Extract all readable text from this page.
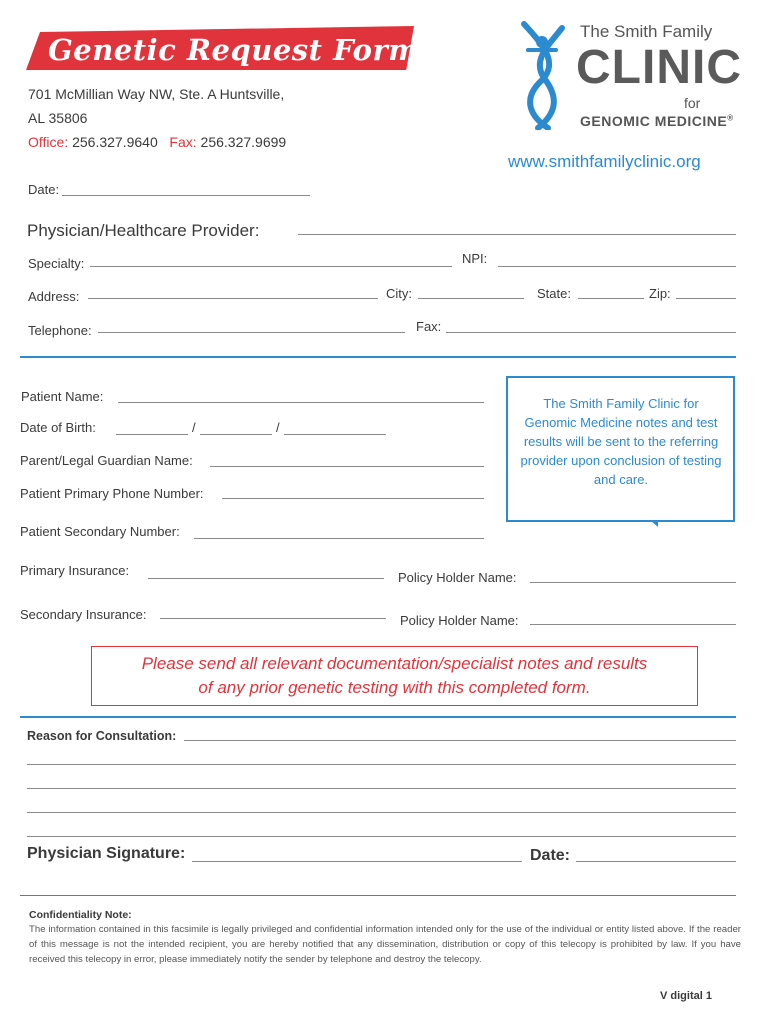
Genetic Request Form
701 McMillian Way NW, Ste. A Huntsville,
AL 35806
Office: 256.327.9640 Fax: 256.327.9699
The Smith Family
CLINIC
for
GENOMIC MEDICINE®
www.smithfamilyclinic.org
Date:
Physician/Healthcare Provider:
Specialty:	NPI:
Address:	City:	State:	Zip:
Telephone:	Fax:
Patient Name:
Date of Birth:	/	/
Parent/Legal Guardian Name:
Patient Primary Phone Number:
The Smith Family Clinic for Genomic Medicine notes and test results will be sent to the referring provider upon conclusion of testing and care.
Patient Secondary Number:
Primary Insurance:	Policy Holder Name:
Secondary Insurance:	Policy Holder Name:
Please send all relevant documentation/specialist notes and results
of any prior genetic testing with this completed form.
Reason for Consultation:
Physician Signature:	Date:
Confidentiality Note:
The information contained in this facsimile is legally privileged and confidential information intended only for the use of the individual or entity listed above. If the reader of this message is not the intended recipient, you are hereby notified that any dissemination, distribution or copy of this telecopy is prohibited by law. If you have received this telecopy in error, please immediately notify the sender by telephone and destroy the telecopy.
V digital 1
